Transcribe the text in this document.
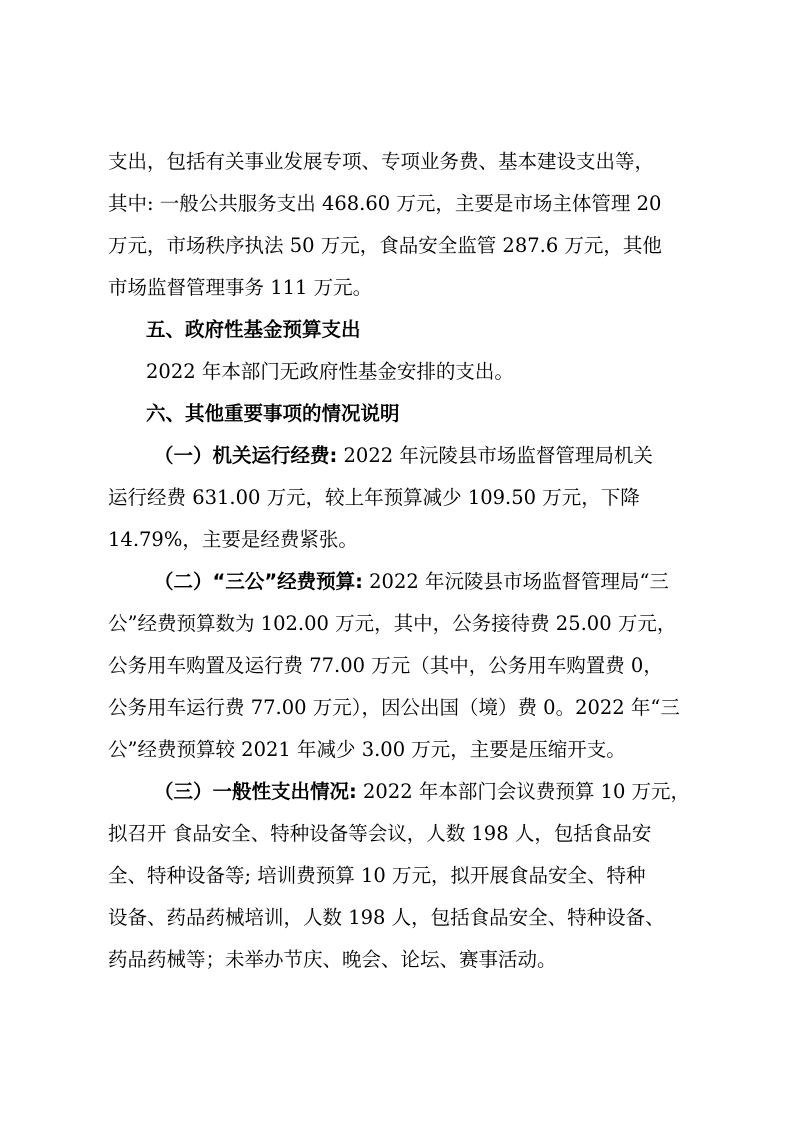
支出，包括有关事业发展专项、专项业务费、基本建设支出等，
其中: 一般公共服务支出 468.60 万元，主要是市场主体管理 20
万元，市场秩序执法 50 万元，食品安全监管 287.6 万元，其他
市场监督管理事务 111 万元。
五、政府性基金预算支出
2022 年本部门无政府性基金安排的支出。
六、其他重要事项的情况说明
（一）机关运行经费: 2022 年沅陵县市场监督管理局机关
运行经费 631.00 万元，较上年预算减少 109.50 万元，下降
14.79%，主要是经费紧张。
（二）“三公”经费预算: 2022 年沅陵县市场监督管理局“三
公”经费预算数为 102.00 万元，其中，公务接待费 25.00 万元，
公务用车购置及运行费 77.00 万元（其中，公务用车购置费 0，
公务用车运行费 77.00 万元），因公出国（境）费 0。2022 年“三
公”经费预算较 2021 年减少 3.00 万元，主要是压缩开支。
（三）一般性支出情况: 2022 年本部门会议费预算 10 万元，
拟召开 食品安全、特种设备等会议，人数 198 人，包括食品安
全、特种设备等; 培训费预算 10 万元，拟开展食品安全、特种
设备、药品药械培训，人数 198 人，包括食品安全、特种设备、
药品药械等；未举办节庆、晚会、论坛、赛事活动。
